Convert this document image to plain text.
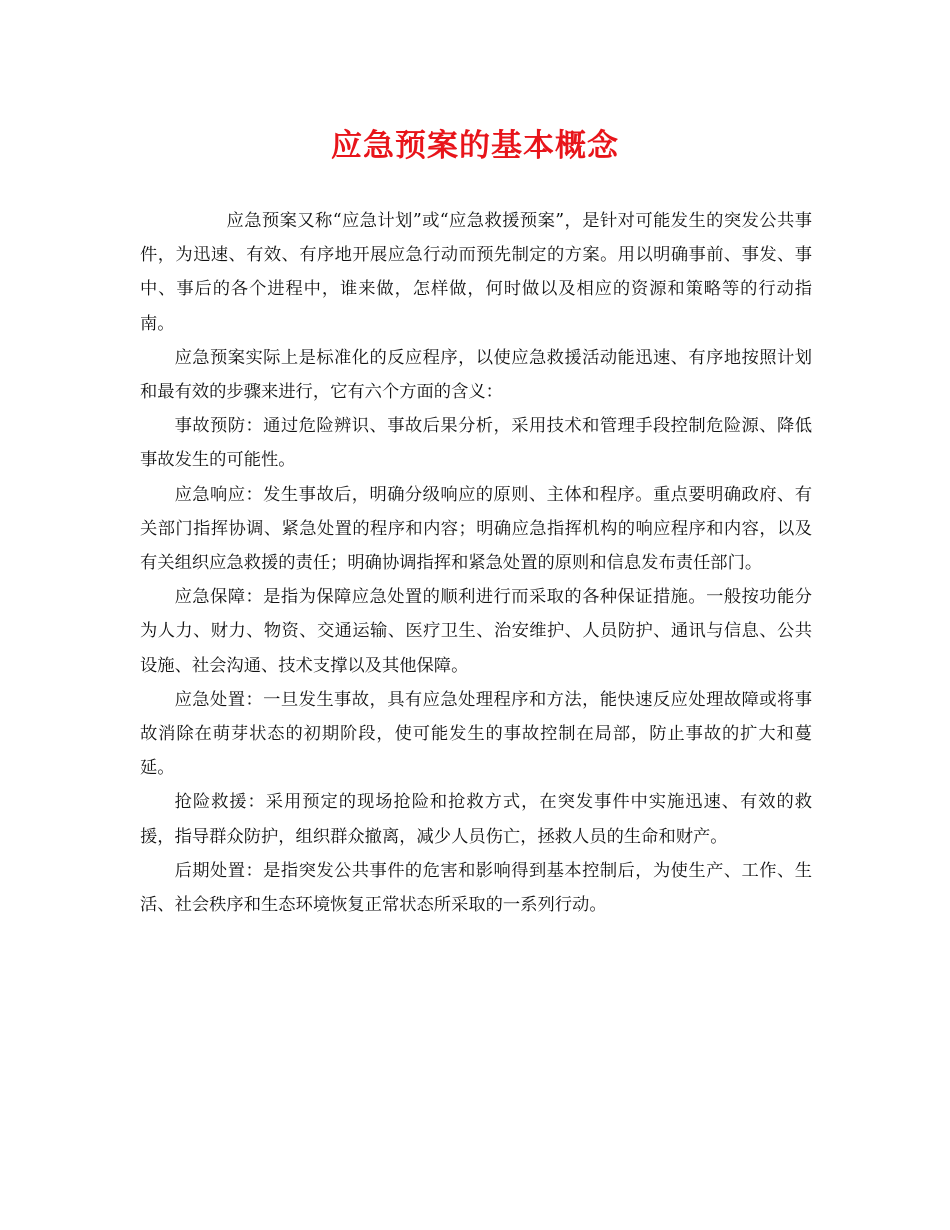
应急预案的基本概念

应急预案又称“应急计划”或“应急救援预案”，是针对可能发生的突发公共事件，为迅速、有效、有序地开展应急行动而预先制定的方案。用以明确事前、事发、事中、事后的各个进程中，谁来做，怎样做，何时做以及相应的资源和策略等的行动指南。

应急预案实际上是标准化的反应程序，以使应急救援活动能迅速、有序地按照计划和最有效的步骤来进行，它有六个方面的含义：

事故预防：通过危险辨识、事故后果分析，采用技术和管理手段控制危险源、降低事故发生的可能性。

应急响应：发生事故后，明确分级响应的原则、主体和程序。重点要明确政府、有关部门指挥协调、紧急处置的程序和内容；明确应急指挥机构的响应程序和内容，以及有关组织应急救援的责任；明确协调指挥和紧急处置的原则和信息发布责任部门。

应急保障：是指为保障应急处置的顺利进行而采取的各种保证措施。一般按功能分为人力、财力、物资、交通运输、医疗卫生、治安维护、人员防护、通讯与信息、公共设施、社会沟通、技术支撑以及其他保障。

应急处置：一旦发生事故，具有应急处理程序和方法，能快速反应处理故障或将事故消除在萌芽状态的初期阶段，使可能发生的事故控制在局部，防止事故的扩大和蔓延。

抢险救援：采用预定的现场抢险和抢救方式，在突发事件中实施迅速、有效的救援，指导群众防护，组织群众撤离，减少人员伤亡，拯救人员的生命和财产。

后期处置：是指突发公共事件的危害和影响得到基本控制后，为使生产、工作、生活、社会秩序和生态环境恢复正常状态所采取的一系列行动。
